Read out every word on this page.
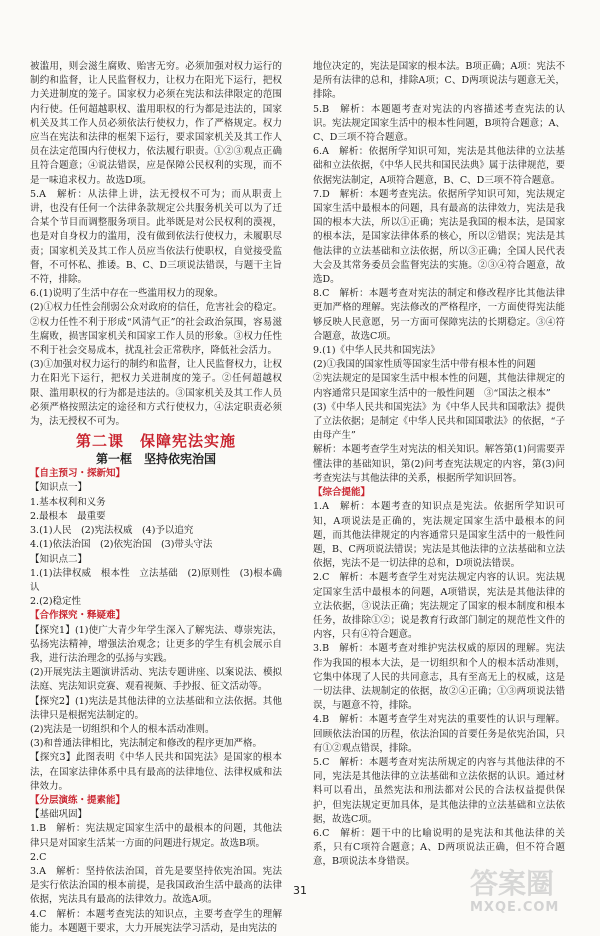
被滥用，则会滋生腐败、贻害无穷。必须加强对权力运行的制约和监督，让人民监督权力，让权力在阳光下运行，把权力关进制度的笼子。国家权力必须在宪法和法律限定的范围内行使。任何超越职权、滥用职权的行为都是违法的，国家机关及其工作人员必须依法行使权力，作了严格规定。权力应当在宪法和法律的框架下运行，要求国家机关及其工作人员在法定范围内行使权力，依法履行职责。①②③观点正确且符合题意；④说法错误，应是保障公民权利的实现，而不是一味追求权力。故选D项。

5.A　解析：从法律上讲，法无授权不可为；而从职责上讲，也没有任何一个法律条款规定公共服务机关可以为了迁合某个节目而调整服务项目。此举既是对公民权利的漠视，也是对自身权力的滥用，没有做到依法行使权力，未履职尽责；国家机关及其工作人员应当依法行使职权，自觉接受监督，不可怀私、推诿。B、C、D三项说法错误，与题干主旨不符，排除。

6.(1)说明了生活中存在一些滥用权力的现象。

(2)①权力任性会削弱公众对政府的信任，危害社会的稳定。②权力任性不利于形成“风清气正”的社会政治氛围，容易滋生腐败，损害国家机关和国家工作人员的形象。③权力任性不利于社会交易成本，扰乱社会正常秩序，降低社会活力。

(3)①加强对权力运行的制约和监督，让人民监督权力，让权力在阳光下运行，把权力关进制度的笼子。②任何超越权限、滥用职权的行为都是违法的。③国家机关及其工作人员必须严格按照法定的途径和方式行使权力，④法定职责必须为，法无授权不可为。

第二课　保障宪法实施
第一框　坚持依宪治国

【自主预习・探新知】

【知识点一】

1.基本权利和义务

2.最根本　最重要

3.(1)人民　(2)宪法权威　(4)予以追究

4.(1)依法治国　(2)依宪治国　(3)带头守法

【知识点二】

1.(1)法律权威　根本性　立法基础　(2)原则性　(3)根本确认

2.(2)稳定性

【合作探究・释疑难】

【探究1】(1)使广大青少年学生深入了解宪法、尊崇宪法，弘扬宪法精神，增强法治观念；让更多的学生有机会展示自我，进行法治理念的弘扬与实践。

(2)开展宪法主题演讲活动、宪法专题讲座、以案说法、模拟法庭、宪法知识竞赛、观看视频、手抄报、征文活动等。

【探究2】(1)宪法是其他法律的立法基础和立法依据。其他法律只是根据宪法制定的。

(2)宪法是一切组织和个人的根本活动准则。

(3)和普通法律相比，宪法制定和修改的程序更加严格。

【探究3】此图表明《中华人民共和国宪法》是国家的根本法，在国家法律体系中具有最高的法律地位、法律权威和法律效力。

【分层演练・提素能】

【基础巩固】

1.B　解析：宪法规定国家生活中的最根本的问题，其他法律只是对国家生活某一方面的问题进行规定。故选B项。

2.C

3.A　解析：坚持依法治国，首先是要坚持依宪治国。宪法是实行依法治国的根本前提，是我国政治生活中最高的法律依据，宪法具有最高的法律效力。故选A项。

4.C　解析：本题考查宪法的知识点，主要考查学生的理解能力。本题题干要求，大力开展宪法学习活动，是由宪法的

地位决定的，宪法是国家的根本法。B项正确；A项：宪法不是所有法律的总和，排除A项；C、D两项说法与题意无关，排除。

5.B　解析：本题题考查对宪法的内容描述考查宪法的认识。宪法规定国家生活中的根本性问题，B项符合题意；A、C、D三项不符合题意。

6.A　解析：依据所学知识可知，宪法是其他法律的立法基础和立法依据，《中华人民共和国民法典》属于法律规范，要依据宪法制定，A项符合题意，B、C、D三项不符合题意。

7.D　解析：本题考查宪法。依据所学知识可知，宪法规定国家生活中最根本的问题，具有最高的法律效力，宪法是我国的根本大法，所以①正确；宪法是我国的根本法，是国家的根本法，是国家法律体系的核心，所以②错误；宪法是其他法律的立法基础和立法依据，所以③正确；全国人民代表大会及其常务委员会监督宪法的实施。②③④符合题意，故选D。

8.C　解析：本题考查对宪法的制定和修改程序比其他法律更加严格的理解。宪法修改的严格程序，一方面使得宪法能够反映人民意愿，另一方面可保障宪法的长期稳定。③④符合题意，故选C项。

9.(1)《中华人民共和国宪法》

(2)①我国的国家性质等国家生活中带有根本性的问题

②宪法规定的是国家生活中根本性的问题，其他法律规定的内容通常只是国家生活中的一般性问题　③“国法之根本”

(3)《中华人民共和国宪法》为《中华人民共和国歌法》提供了立法依据；是制定《中华人民共和国国歌法》的依据，“子由母产生”

解析：本题考查学生对宪法的相关知识。解答第(1)问需要弄懂法律的基础知识，第(2)问考查宪法规定的内容，第(3)问考查宪法与其他法律的关系，根据所学知识回答。

【综合提能】

1.A　解析：本题考查的知识点是宪法。依据所学知识可知，A项说法是正确的，宪法规定国家生活中最根本的问题，而其他法律规定的内容通常只是国家生活中的一般性问题，B、C两项说法错误；宪法是其他法律的立法基础和立法依据，宪法不是一切法律的总和，D项说法错误。

2.C　解析：本题考查学生对宪法规定内容的认识。宪法规定国家生活中最根本的问题，A项错误，宪法是其他法律的立法依据，③说法正确；宪法规定了国家的根本制度和根本任务，故排除①②；说是教育行政部门制定的规范性文件的内容，只有④符合题意。

3.B　解析：本题考查对维护宪法权威的原因的理解。宪法作为我国的根本大法，是一切组织和个人的根本活动准则，它集中体现了人民的共同意志，具有至高无上的权威，这是一切法律、法规制定的依据，故②④正确；①③两项说法错误，与题意不符，排除。

4.B　解析：本题考查学生对宪法的重要性的认识与理解。回顾依法治国的历程，依法治国的首要任务是依宪治国，只有①②观点错误，排除。

5.C　解析：本题考查对宪法所规定的内容与其他法律的不同，宪法是其他法律的立法基础和立法依据的认识。通过材料可以看出，虽然宪法和刑法都对公民的合法权益提供保护，但宪法规定更加具体，是其他法律的立法基础和立法依据，故选C项。

6.C　解析：题干中的比喻说明的是宪法和其他法律的关系，只有C项符合题意；A、D两项说法正确，但不符合题意，B项说法本身错误。

31	答案圈
MXQE.COM
